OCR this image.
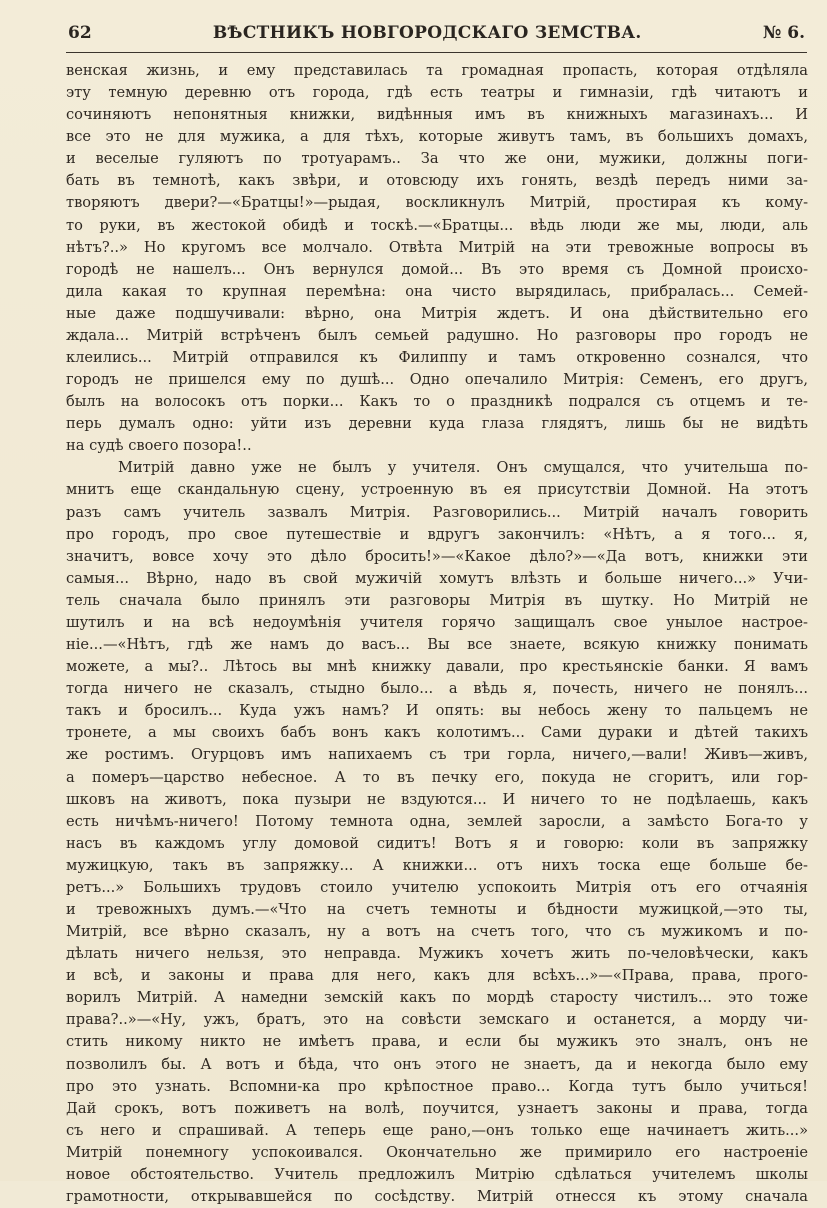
62	ВѢСТНИКЪ НОВГОРОДСКАГО ЗЕМСТВА.	№ 6.
венская жизнь, и ему представилась та громадная пропасть, которая отдѣляла
эту темную деревню отъ города, гдѣ есть театры и гимназіи, гдѣ читаютъ и
сочиняютъ непонятныя книжки, видѣнныя имъ въ книжныхъ магазинахъ... И
все это не для мужика, а для тѣхъ, которые живутъ тамъ, въ большихъ домахъ,
и веселые гуляютъ по тротуарамъ.. За что же они, мужики, должны поги-
бать въ темнотѣ, какъ звѣри, и отовсюду ихъ гонять, вездѣ передъ ними за-
творяютъ двери?—«Братцы!»—рыдая, воскликнулъ Митрій, простирая къ кому-
то руки, въ жестокой обидѣ и тоскѣ.—«Братцы... вѣдь люди же мы, люди, аль
нѣтъ?..» Но кругомъ все молчало. Отвѣта Митрій на эти тревожные вопросы въ
городѣ не нашелъ... Онъ вернулся домой... Въ это время съ Домной происхо-
дила какая то крупная перемѣна: она чисто вырядилась, прибралась... Семей-
ные даже подшучивали: вѣрно, она Митрія ждетъ. И она дѣйствительно его
ждала... Митрій встрѣченъ былъ семьей радушно. Но разговоры про городъ не
клеились... Митрій отправился къ Филиппу и тамъ откровенно сознался, что
городъ не пришелся ему по душѣ... Одно опечалило Митрія: Семенъ, его другъ,
былъ на волосокъ отъ порки... Какъ то о праздникѣ подрался съ отцемъ и те-
перь думалъ одно: уйти изъ деревни куда глаза глядятъ, лишь бы не видѣть
на судѣ своего позора!..
Митрій давно уже не былъ у учителя. Онъ смущался, что учительша по-
мнитъ еще скандальную сцену, устроенную въ ея присутствіи Домной. На этотъ
разъ самъ учитель зазвалъ Митрія. Разговорились... Митрій началъ говорить
про городъ, про свое путешествіе и вдругъ закончилъ: «Нѣтъ, а я того... я,
значитъ, вовсе хочу это дѣло бросить!»—«Какое дѣло?»—«Да вотъ, книжки эти
самыя... Вѣрно, надо въ свой мужичій хомутъ влѣзть и больше ничего...» Учи-
тель сначала было принялъ эти разговоры Митрія въ шутку. Но Митрій не
шутилъ и на всѣ недоумѣнія учителя горячо защищалъ свое унылое настрое-
ніе...—«Нѣтъ, гдѣ же намъ до васъ... Вы все знаете, всякую книжку понимать
можете, а мы?.. Лѣтось вы мнѣ книжку давали, про крестьянскіе банки. Я вамъ
тогда ничего не сказалъ, стыдно было... а вѣдь я, почесть, ничего не понялъ...
такъ и бросилъ... Куда ужъ намъ? И опять: вы небось жену то пальцемъ не
тронете, а мы своихъ бабъ вонъ какъ колотимъ... Сами дураки и дѣтей такихъ
же ростимъ. Огурцовъ имъ напихаемъ съ три горла, ничего,—вали! Живъ—живъ,
а померъ—царство небесное. А то въ печку его, покуда не сгоритъ, или гор-
шковъ на животъ, пока пузыри не вздуются... И ничего то не подѣлаешь, какъ
есть ничѣмъ-ничего! Потому темнота одна, землей заросли, а замѣсто Бога-то у
насъ въ каждомъ углу домовой сидитъ! Вотъ я и говорю: коли въ запряжку
мужицкую, такъ въ запряжку... А книжки... отъ нихъ тоска еще больше бе-
ретъ...» Большихъ трудовъ стоило учителю успокоить Митрія отъ его отчаянія
и тревожныхъ думъ.—«Что на счетъ темноты и бѣдности мужицкой,—это ты,
Митрій, все вѣрно сказалъ, ну а вотъ на счетъ того, что съ мужикомъ и по-
дѣлать ничего нельзя, это неправда. Мужикъ хочетъ жить по-человѣчески, какъ
и всѣ, и законы и права для него, какъ для всѣхъ...»—«Права, права, прого-
ворилъ Митрій. А намедни земскій какъ по мордѣ старосту чистилъ... это тоже
права?..»—«Ну, ужъ, братъ, это на совѣсти земскаго и останется, а морду чи-
стить никому никто не имѣетъ права, и если бы мужикъ это зналъ, онъ не
позволилъ бы. А вотъ и бѣда, что онъ этого не знаетъ, да и некогда было ему
про это узнать. Вспомни-ка про крѣпостное право... Когда тутъ было учиться!
Дай срокъ, вотъ поживетъ на волѣ, поучится, узнаетъ законы и права, тогда
съ него и спрашивай. А теперь еще рано,—онъ только еще начинаетъ жить...»
Митрій понемногу успокоивался. Окончательно же примирило его настроеніе
новое обстоятельство. Учитель предложилъ Митрію сдѣлаться учителемъ школы
грамотности, открывавшейся по сосѣдству. Митрій отнесся къ этому сначала
